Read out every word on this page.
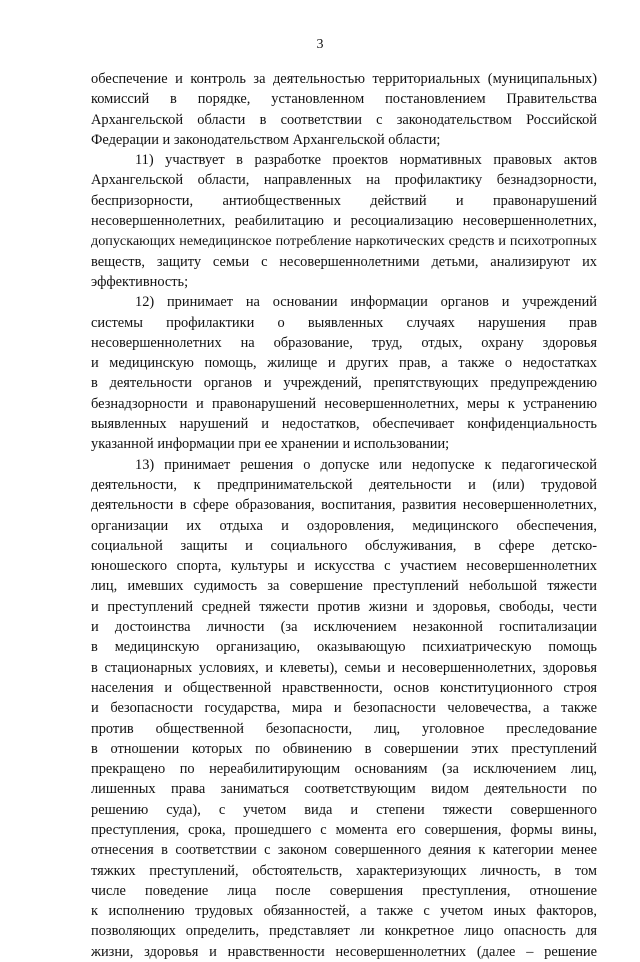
3
обеспечение и контроль за деятельностью территориальных (муниципальных)
комиссий в порядке, установленном постановлением Правительства
Архангельской области в соответствии с законодательством Российской
Федерации и законодательством Архангельской области;
11) участвует в разработке проектов нормативных правовых актов
Архангельской области, направленных на профилактику безнадзорности,
беспризорности, антиобщественных действий и правонарушений
несовершеннолетних, реабилитацию и ресоциализацию несовершеннолетних,
допускающих немедицинское потребление наркотических средств и психотропных
веществ, защиту семьи с несовершеннолетними детьми, анализируют их
эффективность;
12) принимает на основании информации органов и учреждений
системы профилактики о выявленных случаях нарушения прав
несовершеннолетних на образование, труд, отдых, охрану здоровья
и медицинскую помощь, жилище и других прав, а также о недостатках
в деятельности органов и учреждений, препятствующих предупреждению
безнадзорности и правонарушений несовершеннолетних, меры к устранению
выявленных нарушений и недостатков, обеспечивает конфиденциальность
указанной информации при ее хранении и использовании;
13) принимает решения о допуске или недопуске к педагогической
деятельности, к предпринимательской деятельности и (или) трудовой
деятельности в сфере образования, воспитания, развития несовершеннолетних,
организации их отдыха и оздоровления, медицинского обеспечения,
социальной защиты и социального обслуживания, в сфере детско-
юношеского спорта, культуры и искусства с участием несовершеннолетних
лиц, имевших судимость за совершение преступлений небольшой тяжести
и преступлений средней тяжести против жизни и здоровья, свободы, чести
и достоинства личности (за исключением незаконной госпитализации
в медицинскую организацию, оказывающую психиатрическую помощь
в стационарных условиях, и клеветы), семьи и несовершеннолетних, здоровья
населения и общественной нравственности, основ конституционного строя
и безопасности государства, мира и безопасности человечества, а также
против общественной безопасности, лиц, уголовное преследование
в отношении которых по обвинению в совершении этих преступлений
прекращено по нереабилитирующим основаниям (за исключением лиц,
лишенных права заниматься соответствующим видом деятельности по
решению суда), с учетом вида и степени тяжести совершенного
преступления, срока, прошедшего с момента его совершения, формы вины,
отнесения в соответствии с законом совершенного деяния к категории менее
тяжких преступлений, обстоятельств, характеризующих личность, в том
числе поведение лица после совершения преступления, отношение
к исполнению трудовых обязанностей, а также с учетом иных факторов,
позволяющих определить, представляет ли конкретное лицо опасность для
жизни, здоровья и нравственности несовершеннолетних (далее – решение
